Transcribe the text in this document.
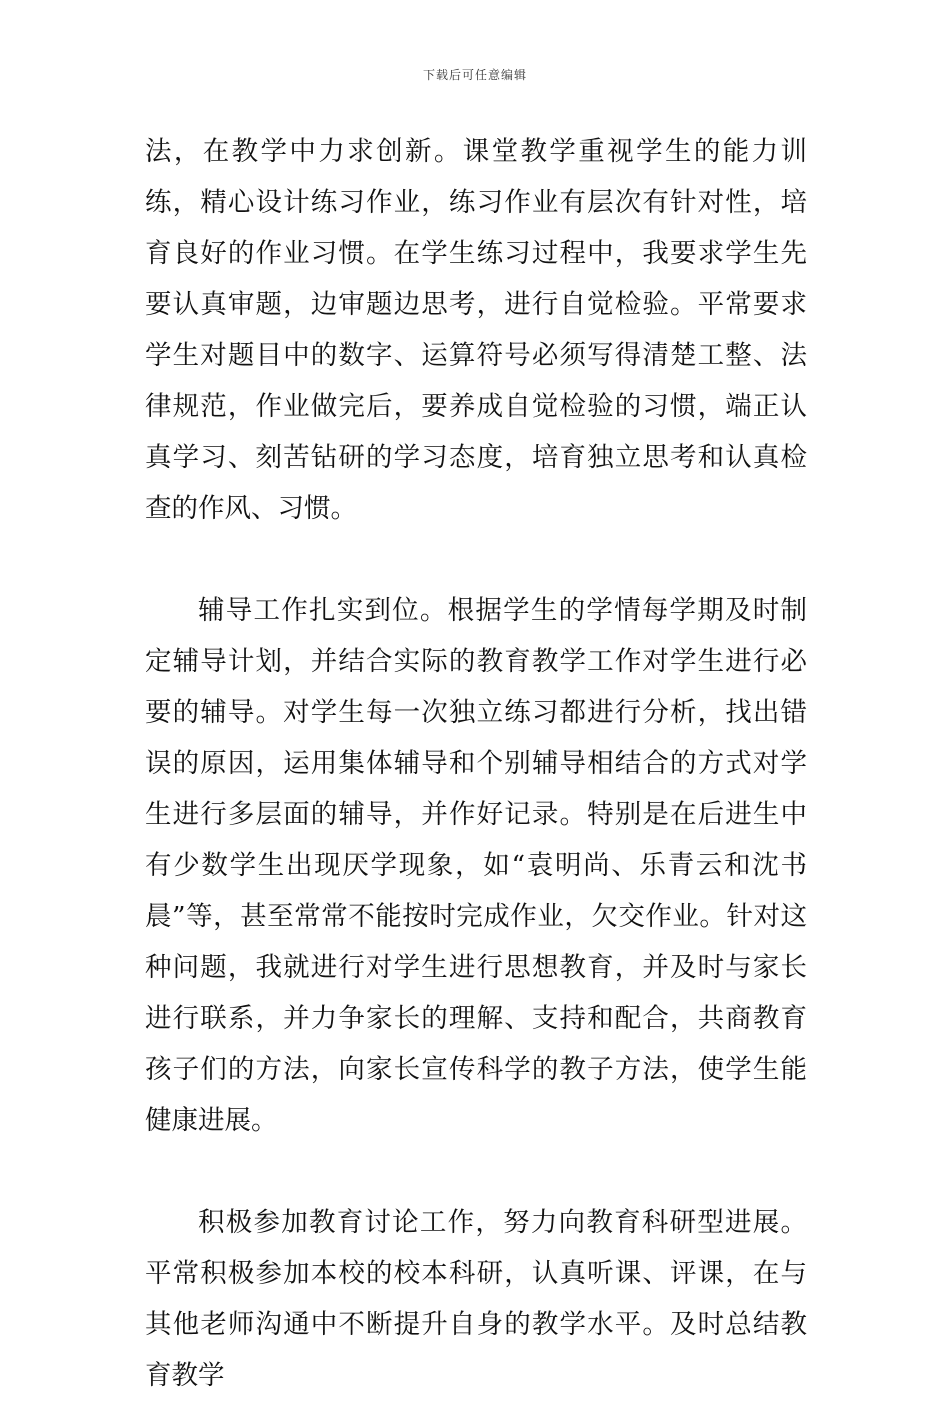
下载后可任意编辑

法，在教学中力求创新。课堂教学重视学生的能力训练，精心设计练习作业，练习作业有层次有针对性，培育良好的作业习惯。在学生练习过程中，我要求学生先要认真审题，边审题边思考，进行自觉检验。平常要求学生对题目中的数字、运算符号必须写得清楚工整、法律规范，作业做完后，要养成自觉检验的习惯，端正认真学习、刻苦钻研的学习态度，培育独立思考和认真检查的作风、习惯。

辅导工作扎实到位。根据学生的学情每学期及时制定辅导计划，并结合实际的教育教学工作对学生进行必要的辅导。对学生每一次独立练习都进行分析，找出错误的原因，运用集体辅导和个别辅导相结合的方式对学生进行多层面的辅导，并作好记录。特别是在后进生中有少数学生出现厌学现象，如“袁明尚、乐青云和沈书晨”等，甚至常常不能按时完成作业，欠交作业。针对这种问题，我就进行对学生进行思想教育，并及时与家长进行联系，并力争家长的理解、支持和配合，共商教育孩子们的方法，向家长宣传科学的教子方法，使学生能健康进展。

积极参加教育讨论工作，努力向教育科研型进展。平常积极参加本校的校本科研，认真听课、评课，在与其他老师沟通中不断提升自身的教学水平。及时总结教育教学
